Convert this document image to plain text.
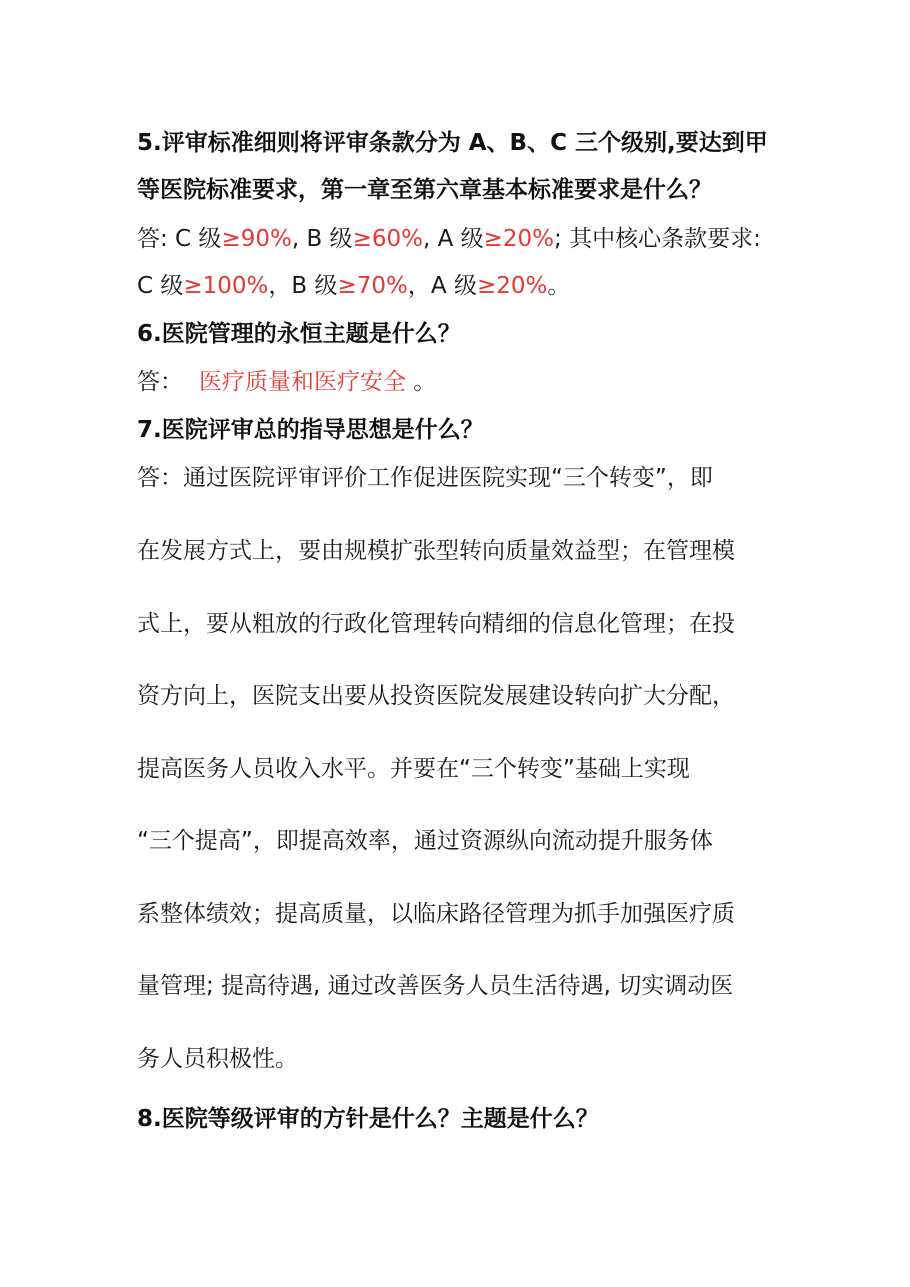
5.评审标准细则将评审条款分为 A、B、C 三个级别,要达到甲
等医院标准要求，第一章至第六章基本标准要求是什么？
答: C 级≥90%, B 级≥60%, A 级≥20%; 其中核心条款要求:
C 级≥100%，B 级≥70%，A 级≥20%。
6.医院管理的永恒主题是什么？
答： 医疗质量和医疗安全 。
7.医院评审总的指导思想是什么？
答：通过医院评审评价工作促进医院实现“三个转变”，即
在发展方式上，要由规模扩张型转向质量效益型；在管理模
式上，要从粗放的行政化管理转向精细的信息化管理；在投
资方向上，医院支出要从投资医院发展建设转向扩大分配，
提高医务人员收入水平。并要在“三个转变”基础上实现
“三个提高”，即提高效率，通过资源纵向流动提升服务体
系整体绩效；提高质量，以临床路径管理为抓手加强医疗质
量管理; 提高待遇, 通过改善医务人员生活待遇, 切实调动医
务人员积极性。
8.医院等级评审的方针是什么？主题是什么？
